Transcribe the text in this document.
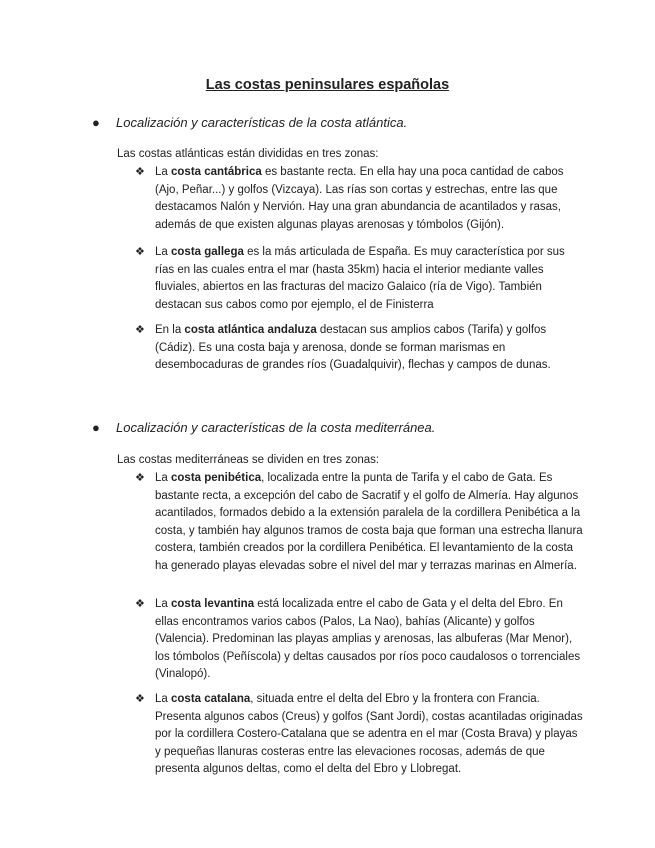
Las costas peninsulares españolas
● Localización y características de la costa atlántica.
Las costas atlánticas están divididas en tres zonas:
❖ La costa cantábrica es bastante recta. En ella hay una poca cantidad de cabos (Ajo, Peñar...) y golfos (Vizcaya). Las rías son cortas y estrechas, entre las que destacamos Nalón y Nervión. Hay una gran abundancia de acantilados y rasas, además de que existen algunas playas arenosas y tómbolos (Gijón).
❖ La costa gallega es la más articulada de España. Es muy característica por sus rías en las cuales entra el mar (hasta 35km) hacia el interior mediante valles fluviales, abiertos en las fracturas del macizo Galaico (ría de Vigo). También destacan sus cabos como por ejemplo, el de Finisterra
❖ En la costa atlántica andaluza destacan sus amplios cabos (Tarifa) y golfos (Cádiz). Es una costa baja y arenosa, donde se forman marismas en desembocaduras de grandes ríos (Guadalquivir), flechas y campos de dunas.
● Localización y características de la costa mediterránea.
Las costas mediterráneas se dividen en tres zonas:
❖ La costa penibética, localizada entre la punta de Tarifa y el cabo de Gata. Es bastante recta, a excepción del cabo de Sacratif y el golfo de Almería. Hay algunos acantilados, formados debido a la extensión paralela de la cordillera Penibética a la costa, y también hay algunos tramos de costa baja que forman una estrecha llanura costera, también creados por la cordillera Penibética. El levantamiento de la costa ha generado playas elevadas sobre el nivel del mar y terrazas marinas en Almería.
❖ La costa levantina está localizada entre el cabo de Gata y el delta del Ebro. En ellas encontramos varios cabos (Palos, La Nao), bahías (Alicante) y golfos (Valencia). Predominan las playas amplias y arenosas, las albuferas (Mar Menor), los tómbolos (Peñíscola) y deltas causados por ríos poco caudalosos o torrenciales (Vinalopó).
❖ La costa catalana, situada entre el delta del Ebro y la frontera con Francia. Presenta algunos cabos (Creus) y golfos (Sant Jordi), costas acantiladas originadas por la cordillera Costero-Catalana que se adentra en el mar (Costa Brava) y playas y pequeñas llanuras costeras entre las elevaciones rocosas, además de que presenta algunos deltas, como el delta del Ebro y Llobregat.
